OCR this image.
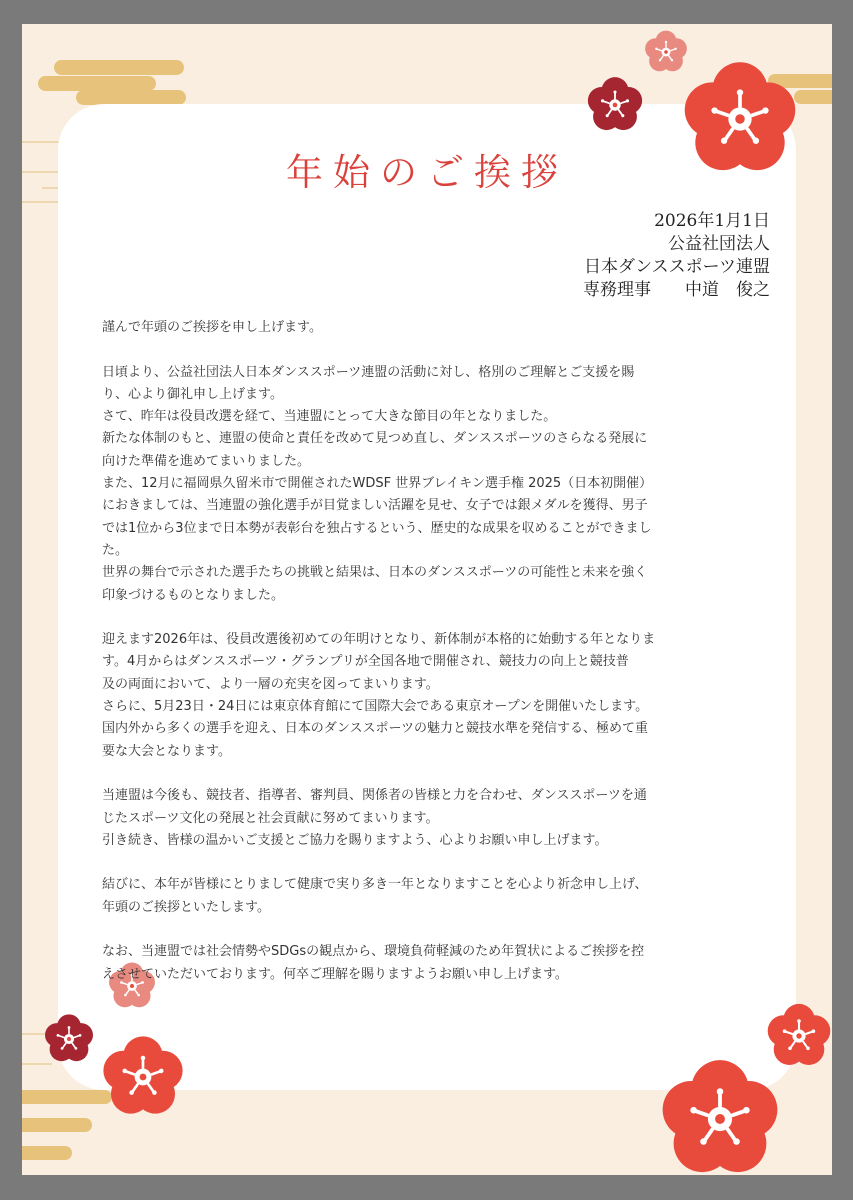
年始のご挨拶
2026年1月1日
公益社団法人
日本ダンススポーツ連盟
専務理事　　中道　俊之

謹んで年頭のご挨拶を申し上げます。

日頃より、公益社団法人日本ダンススポーツ連盟の活動に対し、格別のご理解とご支援を賜
り、心より御礼申し上げます。
さて、昨年は役員改選を経て、当連盟にとって大きな節目の年となりました。
新たな体制のもと、連盟の使命と責任を改めて見つめ直し、ダンススポーツのさらなる発展に
向けた準備を進めてまいりました。
また、12月に福岡県久留米市で開催されたWDSF 世界ブレイキン選手権 2025（日本初開催）
におきましては、当連盟の強化選手が目覚ましい活躍を見せ、女子では銀メダルを獲得、男子
では1位から3位まで日本勢が表彰台を独占するという、歴史的な成果を収めることができまし
た。
世界の舞台で示された選手たちの挑戦と結果は、日本のダンススポーツの可能性と未来を強く
印象づけるものとなりました。

迎えます2026年は、役員改選後初めての年明けとなり、新体制が本格的に始動する年となりま
す。4月からはダンススポーツ・グランプリが全国各地で開催され、競技力の向上と競技普
及の両面において、より一層の充実を図ってまいります。
さらに、5月23日・24日には東京体育館にて国際大会である東京オープンを開催いたします。
国内外から多くの選手を迎え、日本のダンススポーツの魅力と競技水準を発信する、極めて重
要な大会となります。

当連盟は今後も、競技者、指導者、審判員、関係者の皆様と力を合わせ、ダンススポーツを通
じたスポーツ文化の発展と社会貢献に努めてまいります。
引き続き、皆様の温かいご支援とご協力を賜りますよう、心よりお願い申し上げます。

結びに、本年が皆様にとりまして健康で実り多き一年となりますことを心より祈念申し上げ、
年頭のご挨拶といたします。

なお、当連盟では社会情勢やSDGsの観点から、環境負荷軽減のため年賀状によるご挨拶を控
えさせていただいております。何卒ご理解を賜りますようお願い申し上げます。
